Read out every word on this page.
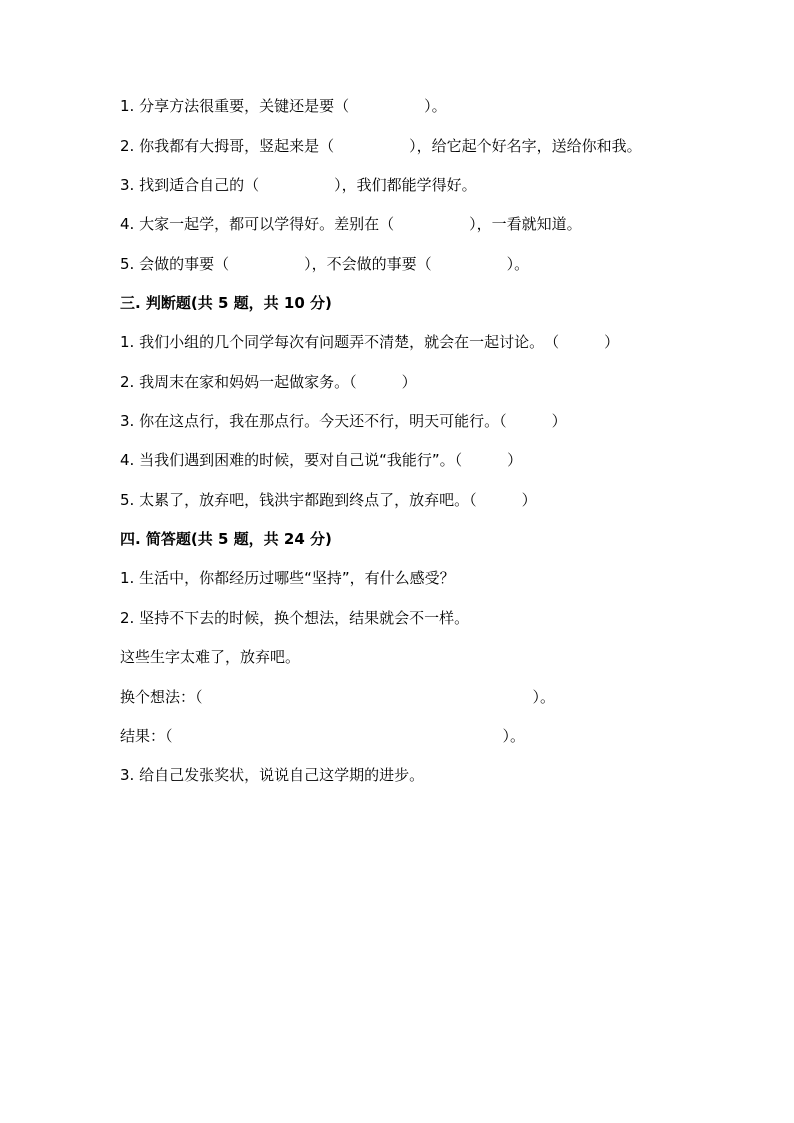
1. 分享方法很重要，关键还是要（　　　　　）。
2. 你我都有大拇哥，竖起来是（　　　　　），给它起个好名字，送给你和我。
3. 找到适合自己的（　　　　　），我们都能学得好。
4. 大家一起学，都可以学得好。差别在（　　　　　），一看就知道。
5. 会做的事要（　　　　　），不会做的事要（　　　　　）。
三. 判断题(共 5 题，共 10 分)
1. 我们小组的几个同学每次有问题弄不清楚，就会在一起讨论。　（　　　）
2. 我周末在家和妈妈一起做家务。（　　　）
3. 你在这点行，我在那点行。今天还不行，明天可能行。（　　　）
4. 当我们遇到困难的时候，要对自己说“我能行”。（　　　）
5. 太累了，放弃吧，钱洪宇都跑到终点了，放弃吧。（　　　）
四. 简答题(共 5 题，共 24 分)
1. 生活中，你都经历过哪些“坚持”，有什么感受？
2. 坚持不下去的时候，换个想法，结果就会不一样。
这些生字太难了，放弃吧。
换个想法：（　　　　　　　　　　　　　　　　　　　　　　）。
结果：（　　　　　　　　　　　　　　　　　　　　　　）。
3. 给自己发张奖状，说说自己这学期的进步。
